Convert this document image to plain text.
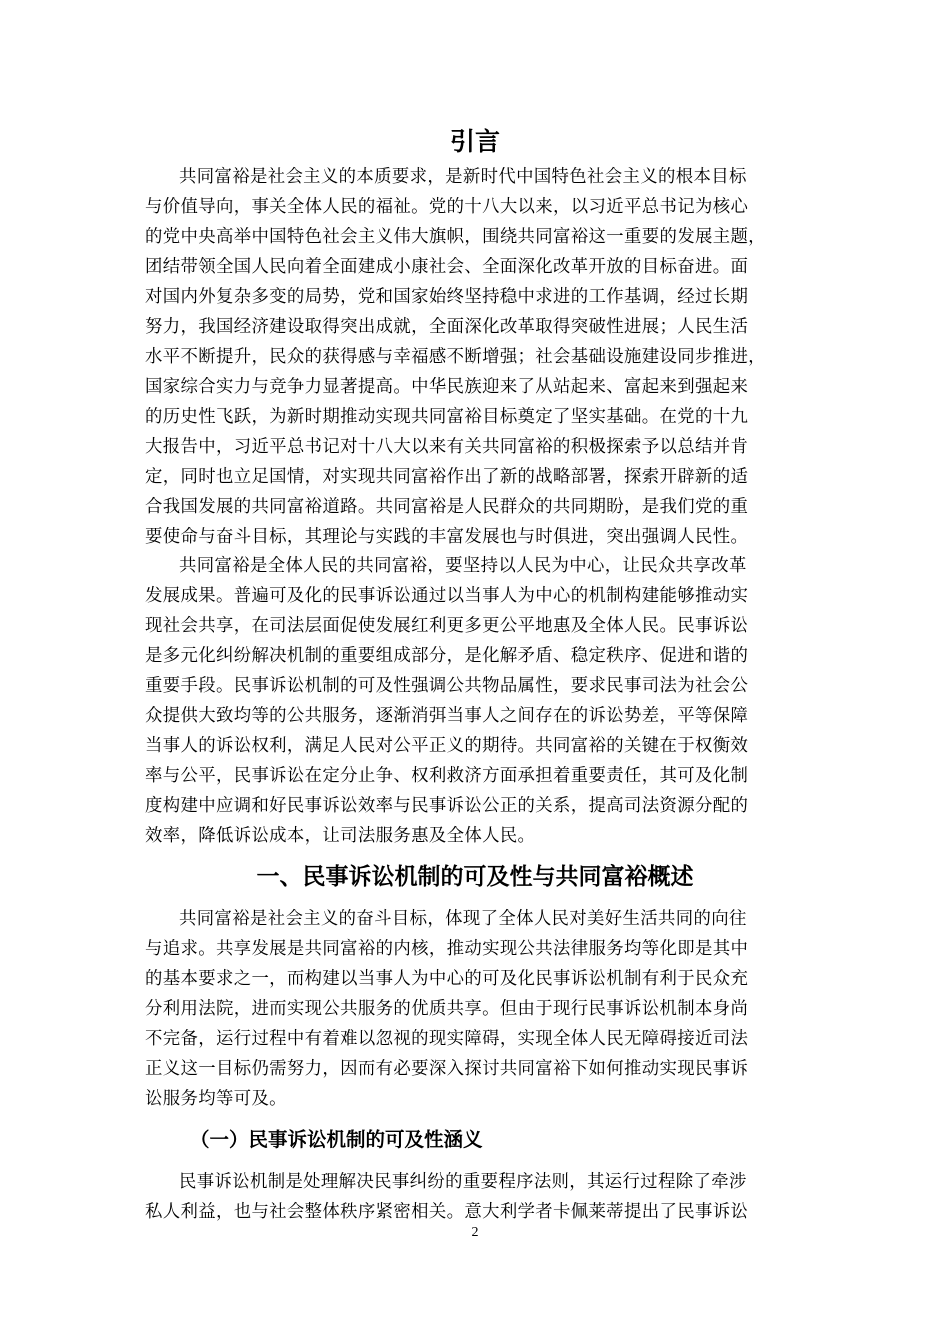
引言
共同富裕是社会主义的本质要求，是新时代中国特色社会主义的根本目标
与价值导向，事关全体人民的福祉。党的十八大以来，以习近平总书记为核心
的党中央高举中国特色社会主义伟大旗帜，围绕共同富裕这一重要的发展主题，
团结带领全国人民向着全面建成小康社会、全面深化改革开放的目标奋进。面
对国内外复杂多变的局势，党和国家始终坚持稳中求进的工作基调，经过长期
努力，我国经济建设取得突出成就，全面深化改革取得突破性进展；人民生活
水平不断提升，民众的获得感与幸福感不断增强；社会基础设施建设同步推进，
国家综合实力与竞争力显著提高。中华民族迎来了从站起来、富起来到强起来
的历史性飞跃，为新时期推动实现共同富裕目标奠定了坚实基础。在党的十九
大报告中，习近平总书记对十八大以来有关共同富裕的积极探索予以总结并肯
定，同时也立足国情，对实现共同富裕作出了新的战略部署，探索开辟新的适
合我国发展的共同富裕道路。共同富裕是人民群众的共同期盼，是我们党的重
要使命与奋斗目标，其理论与实践的丰富发展也与时俱进，突出强调人民性。
共同富裕是全体人民的共同富裕，要坚持以人民为中心，让民众共享改革
发展成果。普遍可及化的民事诉讼通过以当事人为中心的机制构建能够推动实
现社会共享，在司法层面促使发展红利更多更公平地惠及全体人民。民事诉讼
是多元化纠纷解决机制的重要组成部分，是化解矛盾、稳定秩序、促进和谐的
重要手段。民事诉讼机制的可及性强调公共物品属性，要求民事司法为社会公
众提供大致均等的公共服务，逐渐消弭当事人之间存在的诉讼势差，平等保障
当事人的诉讼权利，满足人民对公平正义的期待。共同富裕的关键在于权衡效
率与公平，民事诉讼在定分止争、权利救济方面承担着重要责任，其可及化制
度构建中应调和好民事诉讼效率与民事诉讼公正的关系，提高司法资源分配的
效率，降低诉讼成本，让司法服务惠及全体人民。
一、民事诉讼机制的可及性与共同富裕概述
共同富裕是社会主义的奋斗目标，体现了全体人民对美好生活共同的向往
与追求。共享发展是共同富裕的内核，推动实现公共法律服务均等化即是其中
的基本要求之一，而构建以当事人为中心的可及化民事诉讼机制有利于民众充
分利用法院，进而实现公共服务的优质共享。但由于现行民事诉讼机制本身尚
不完备，运行过程中有着难以忽视的现实障碍，实现全体人民无障碍接近司法
正义这一目标仍需努力，因而有必要深入探讨共同富裕下如何推动实现民事诉
讼服务均等可及。
（一）民事诉讼机制的可及性涵义
民事诉讼机制是处理解决民事纠纷的重要程序法则，其运行过程除了牵涉
私人利益，也与社会整体秩序紧密相关。意大利学者卡佩莱蒂提出了民事诉讼
2
